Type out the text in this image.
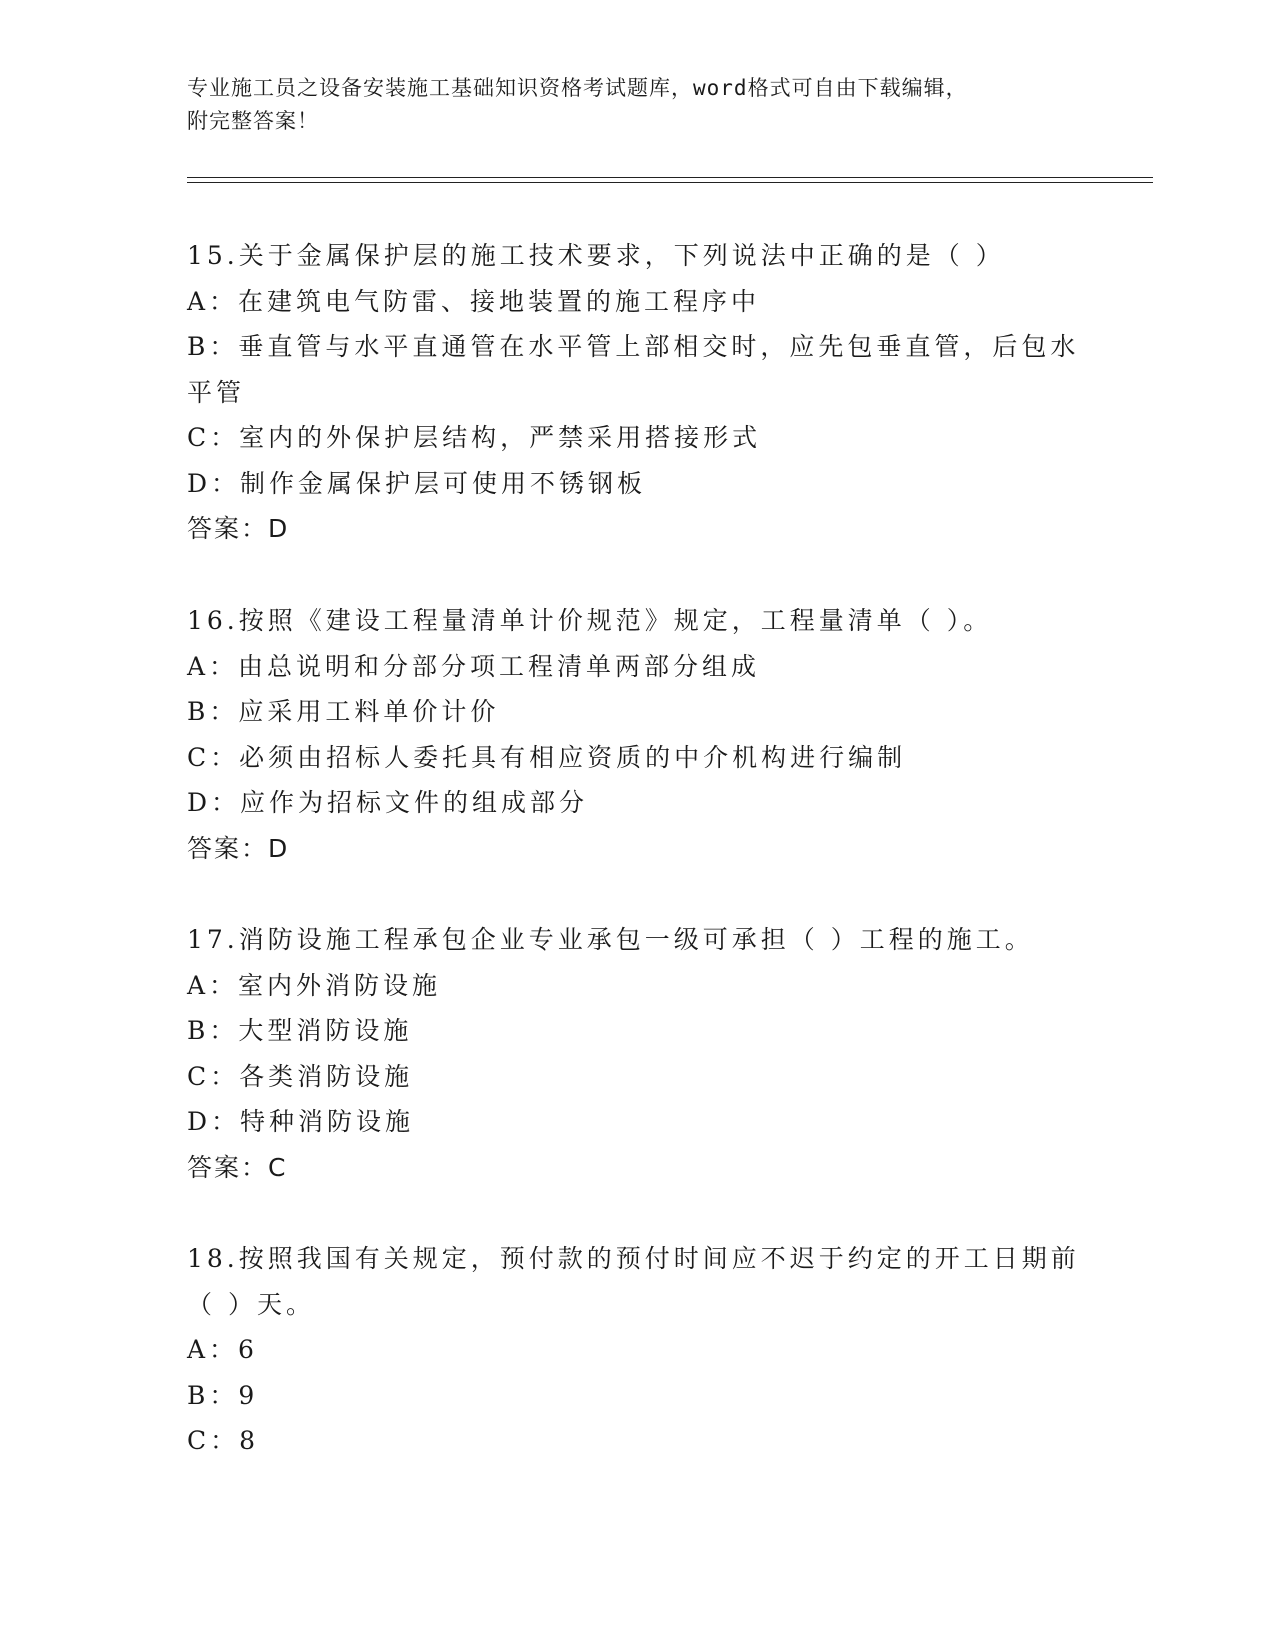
专业施工员之设备安装施工基础知识资格考试题库，word格式可自由下载编辑，
附完整答案！
15.关于金属保护层的施工技术要求，下列说法中正确的是（ ）
A：在建筑电气防雷、接地装置的施工程序中
B：垂直管与水平直通管在水平管上部相交时，应先包垂直管，后包水
平管
C：室内的外保护层结构，严禁采用搭接形式
D：制作金属保护层可使用不锈钢板
答案：D
16.按照《建设工程量清单计价规范》规定，工程量清单（ ）。
A：由总说明和分部分项工程清单两部分组成
B：应采用工料单价计价
C：必须由招标人委托具有相应资质的中介机构进行编制
D：应作为招标文件的组成部分
答案：D
17.消防设施工程承包企业专业承包一级可承担（ ）工程的施工。
A：室内外消防设施
B：大型消防设施
C：各类消防设施
D：特种消防设施
答案：C
18.按照我国有关规定，预付款的预付时间应不迟于约定的开工日期前
（ ）天。
A：6
B：9
C：8
